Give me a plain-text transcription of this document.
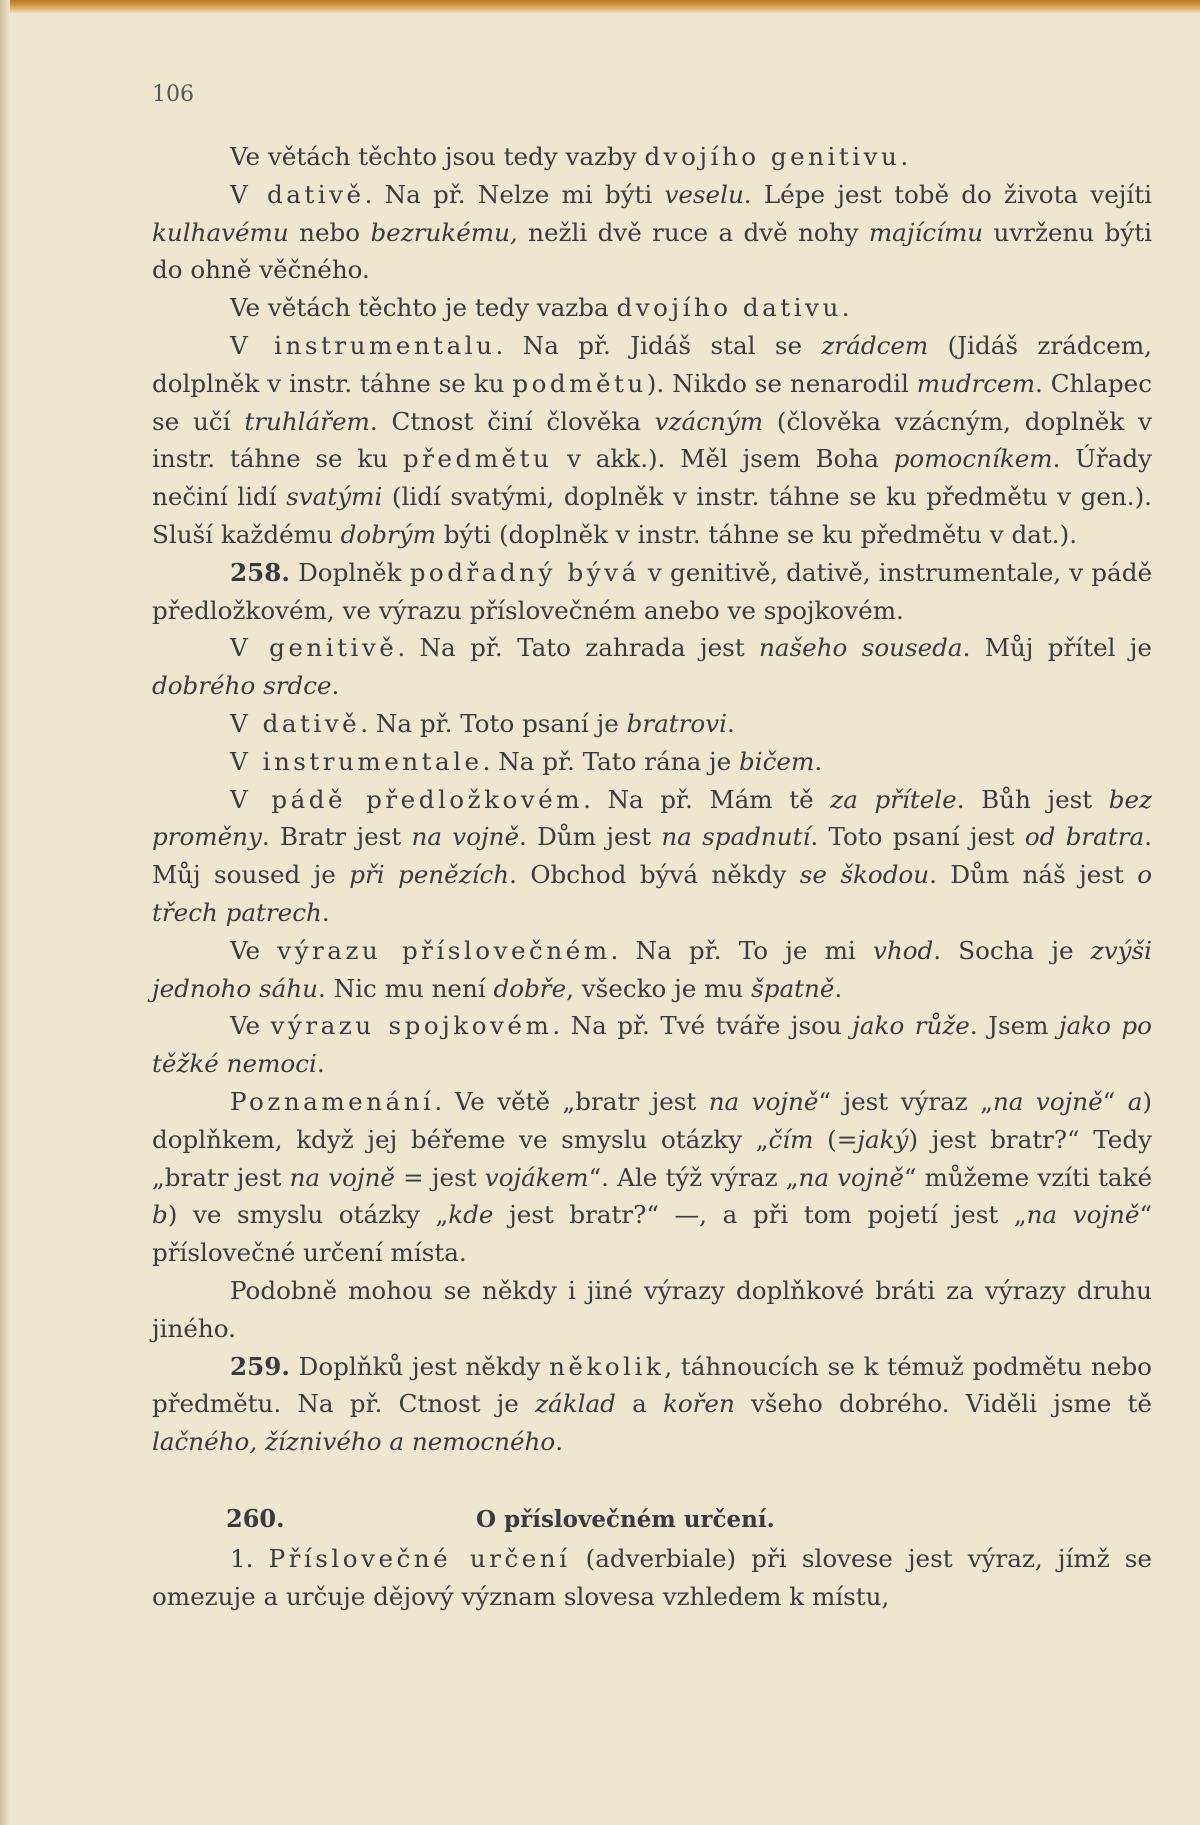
106

Ve větách těchto jsou tedy vazby dvojího genitivu.

V dativě. Na př. Nelze mi býti veselu. Lépe jest tobě do života vejíti kulhavému nebo bezrukému, nežli dvě ruce a dvě nohy majícímu uvrženu býti do ohně věčného.

Ve větách těchto je tedy vazba dvojího dativu.

V instrumentalu. Na př. Jidáš stal se zrádcem (Jidáš zrádcem, dolplněk v instr. táhne se ku podmětu). Nikdo se nenarodil mudrcem. Chlapec se učí truhlářem. Ctnost činí člověka vzácným (člověka vzácným, doplněk v instr. táhne se ku předmětu v akk.). Měl jsem Boha pomocníkem. Úřady nečiní lidí svatými (lidí svatými, doplněk v instr. táhne se ku předmětu v gen.). Sluší každému dobrým býti (doplněk v instr. táhne se ku předmětu v dat.).

258. Doplněk podřadný bývá v genitivě, dativě, instrumentale, v pádě předložkovém, ve výrazu příslovečném anebo ve spojkovém.

V genitivě. Na př. Tato zahrada jest našeho souseda. Můj přítel je dobrého srdce.

V dativě. Na př. Toto psaní je bratrovi.

V instrumentale. Na př. Tato rána je bičem.

V pádě předložkovém. Na př. Mám tě za přítele. Bůh jest bez proměny. Bratr jest na vojně. Dům jest na spadnutí. Toto psaní jest od bratra. Můj soused je při penězích. Obchod bývá někdy se škodou. Dům náš jest o třech patrech.

Ve výrazu příslovečném. Na př. To je mi vhod. Socha je zvýši jednoho sáhu. Nic mu není dobře, všecko je mu špatně.

Ve výrazu spojkovém. Na př. Tvé tváře jsou jako růže. Jsem jako po těžké nemoci.

Poznamenání. Ve větě „bratr jest na vojně“ jest výraz „na vojně“ a) doplňkem, když jej béřeme ve smyslu otázky „čím (=jaký) jest bratr?“ Tedy „bratr jest na vojně = jest vojákem“. Ale týž výraz „na vojně“ můžeme vzíti také b) ve smyslu otázky „kde jest bratr?“ —, a při tom pojetí jest „na vojně“ příslovečné určení místa.

Podobně mohou se někdy i jiné výrazy doplňkové bráti za výrazy druhu jiného.

259. Doplňků jest někdy několik, táhnoucích se k témuž podmětu nebo předmětu. Na př. Ctnost je základ a kořen všeho dobrého. Viděli jsme tě lačného, žíznivého a nemocného.

260.	O příslovečném určení.

1. Příslovečné určení (adverbiale) při slovese jest výraz, jímž se omezuje a určuje dějový význam slovesa vzhledem k místu,
